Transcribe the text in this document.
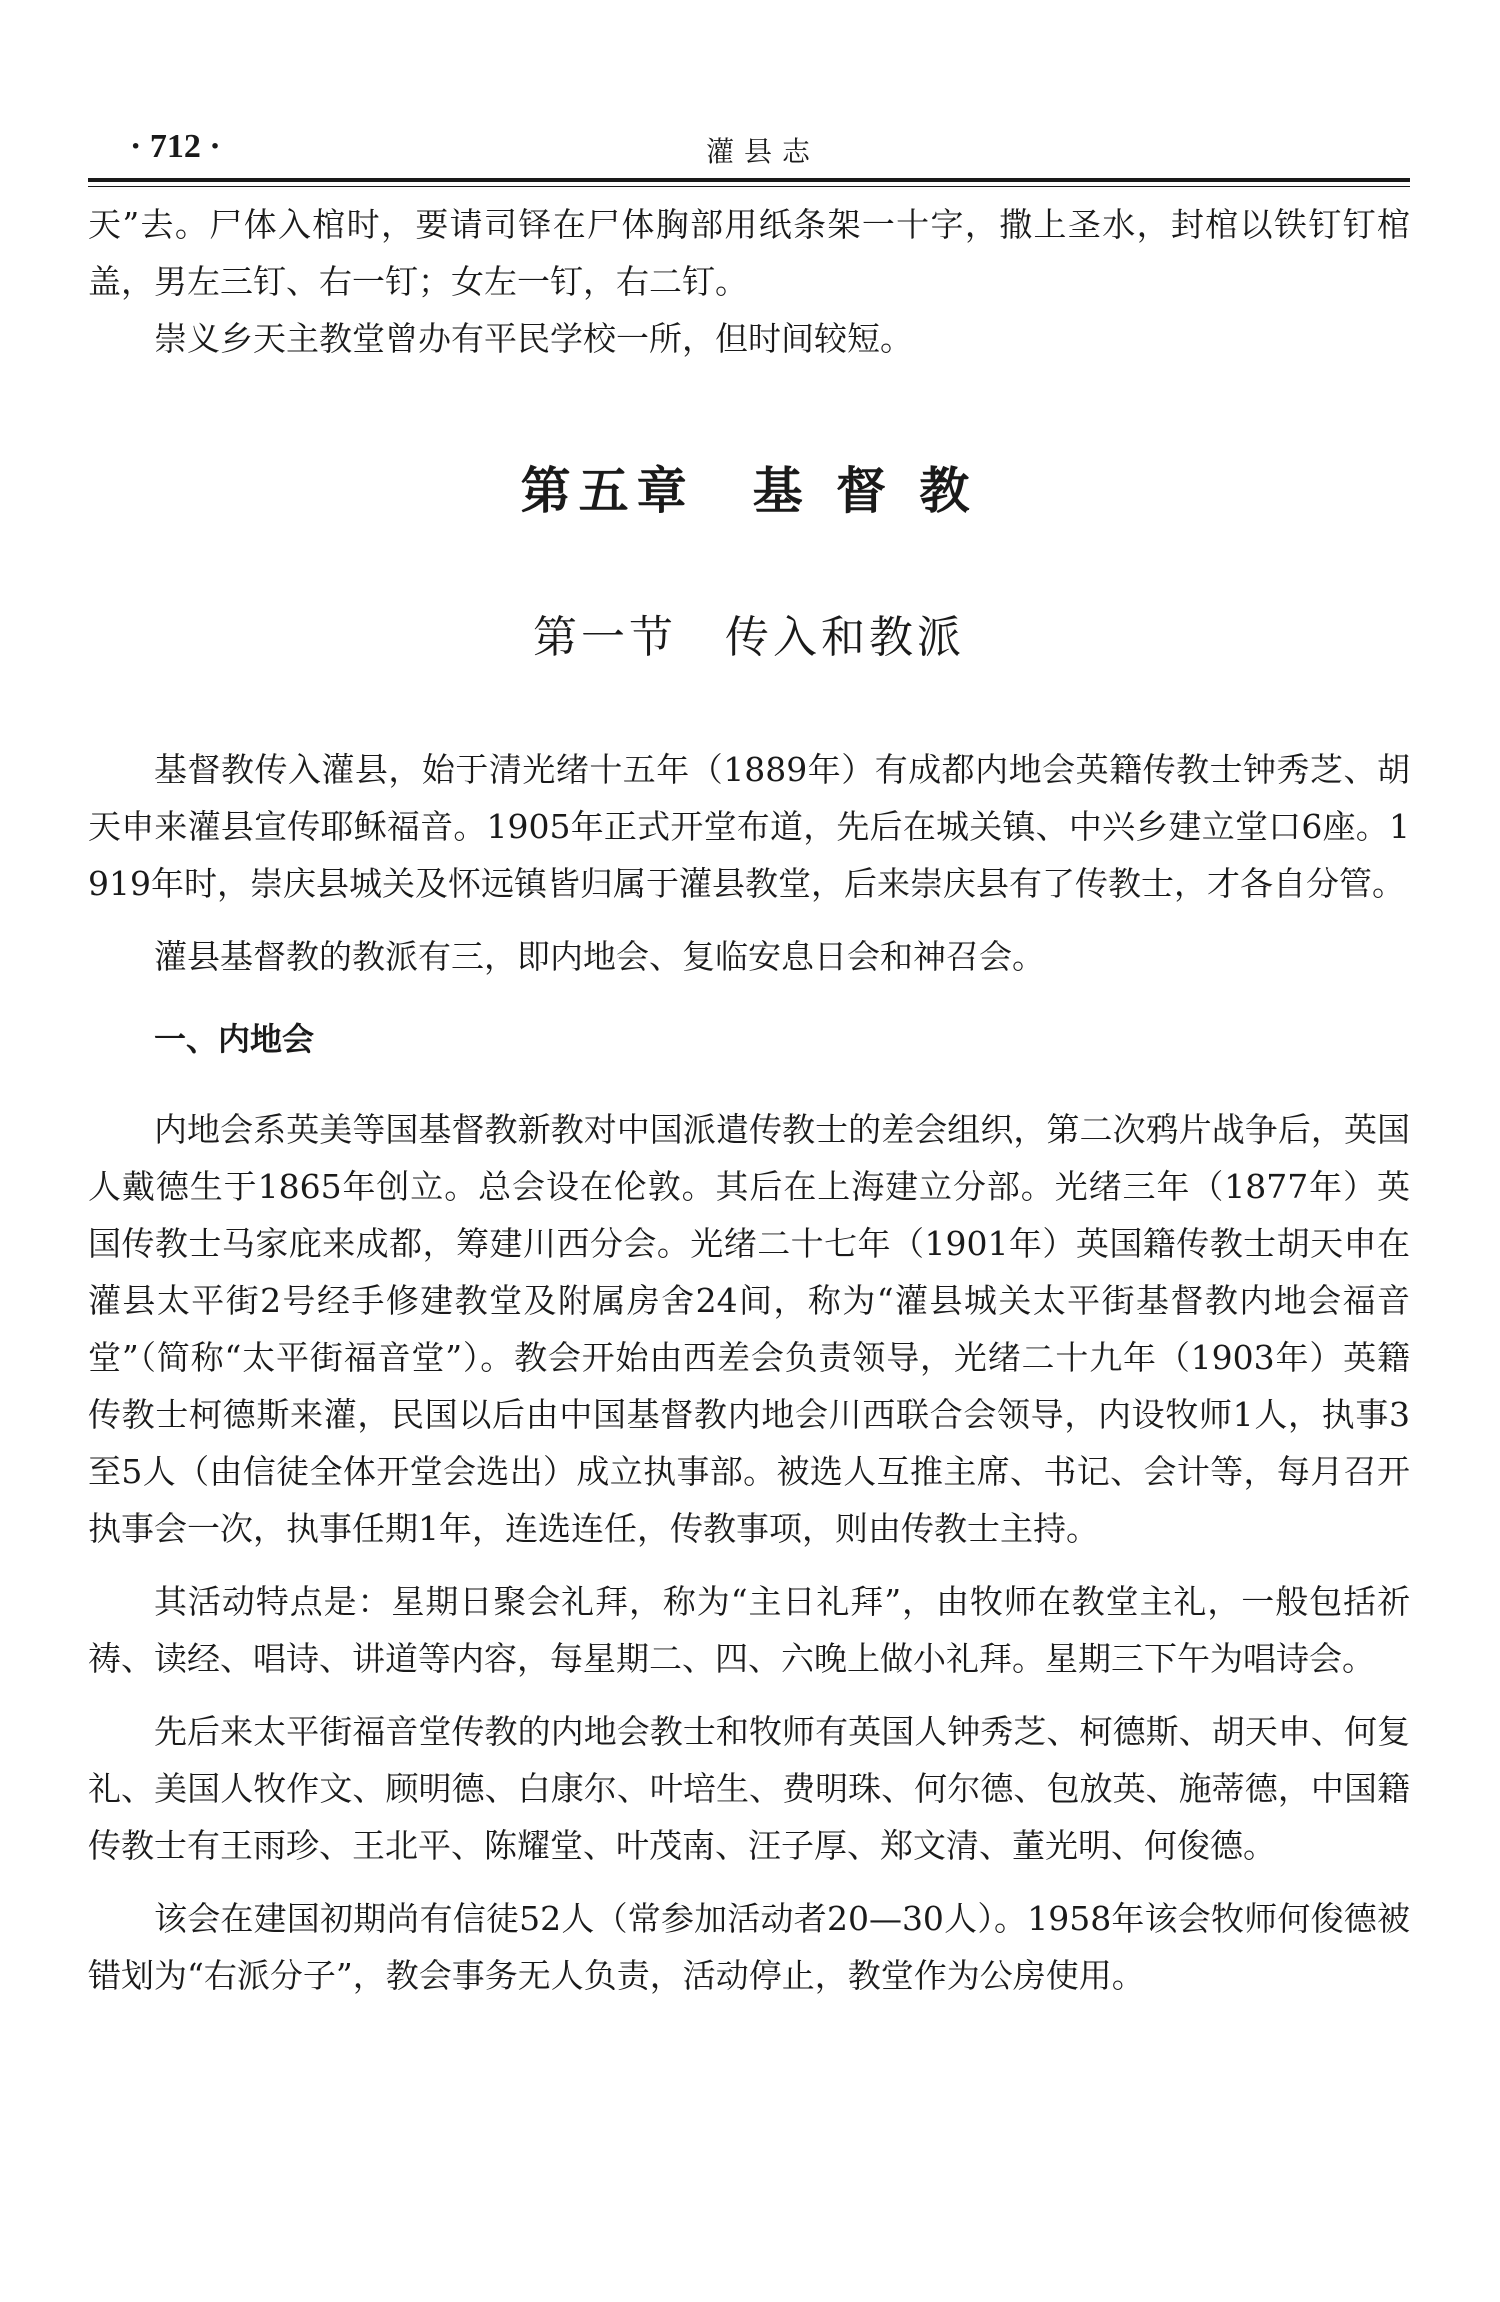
· 712 ·	灌县志

天”去。尸体入棺时，要请司铎在尸体胸部用纸条架一十字，撒上圣水，封棺以铁钉钉棺盖，男左三钉、右一钉；女左一钉，右二钉。

崇义乡天主教堂曾办有平民学校一所，但时间较短。

第五章　基 督 教
第一节　传入和教派

基督教传入灌县，始于清光绪十五年（1889年）有成都内地会英籍传教士钟秀芝、胡天申来灌县宣传耶稣福音。1905年正式开堂布道，先后在城关镇、中兴乡建立堂口6座。1919年时，崇庆县城关及怀远镇皆归属于灌县教堂，后来崇庆县有了传教士，才各自分管。

灌县基督教的教派有三，即内地会、复临安息日会和神召会。

一、内地会

内地会系英美等国基督教新教对中国派遣传教士的差会组织，第二次鸦片战争后，英国人戴德生于1865年创立。总会设在伦敦。其后在上海建立分部。光绪三年（1877年）英国传教士马家庇来成都，筹建川西分会。光绪二十七年（1901年）英国籍传教士胡天申在灌县太平街2号经手修建教堂及附属房舍24间，称为“灌县城关太平街基督教内地会福音堂”（简称“太平街福音堂”）。教会开始由西差会负责领导，光绪二十九年（1903年）英籍传教士柯德斯来灌，民国以后由中国基督教内地会川西联合会领导，内设牧师1人，执事3至5人（由信徒全体开堂会选出）成立执事部。被选人互推主席、书记、会计等，每月召开执事会一次，执事任期1年，连选连任，传教事项，则由传教士主持。

其活动特点是：星期日聚会礼拜，称为“主日礼拜”，由牧师在教堂主礼，一般包括祈祷、读经、唱诗、讲道等内容，每星期二、四、六晚上做小礼拜。星期三下午为唱诗会。

先后来太平街福音堂传教的内地会教士和牧师有英国人钟秀芝、柯德斯、胡天申、何复礼、美国人牧作文、顾明德、白康尔、叶培生、费明珠、何尔德、包放英、施蒂德，中国籍传教士有王雨珍、王北平、陈耀堂、叶茂南、汪子厚、郑文清、董光明、何俊德。

该会在建国初期尚有信徒52人（常参加活动者20—30人）。1958年该会牧师何俊德被错划为“右派分子”，教会事务无人负责，活动停止，教堂作为公房使用。
